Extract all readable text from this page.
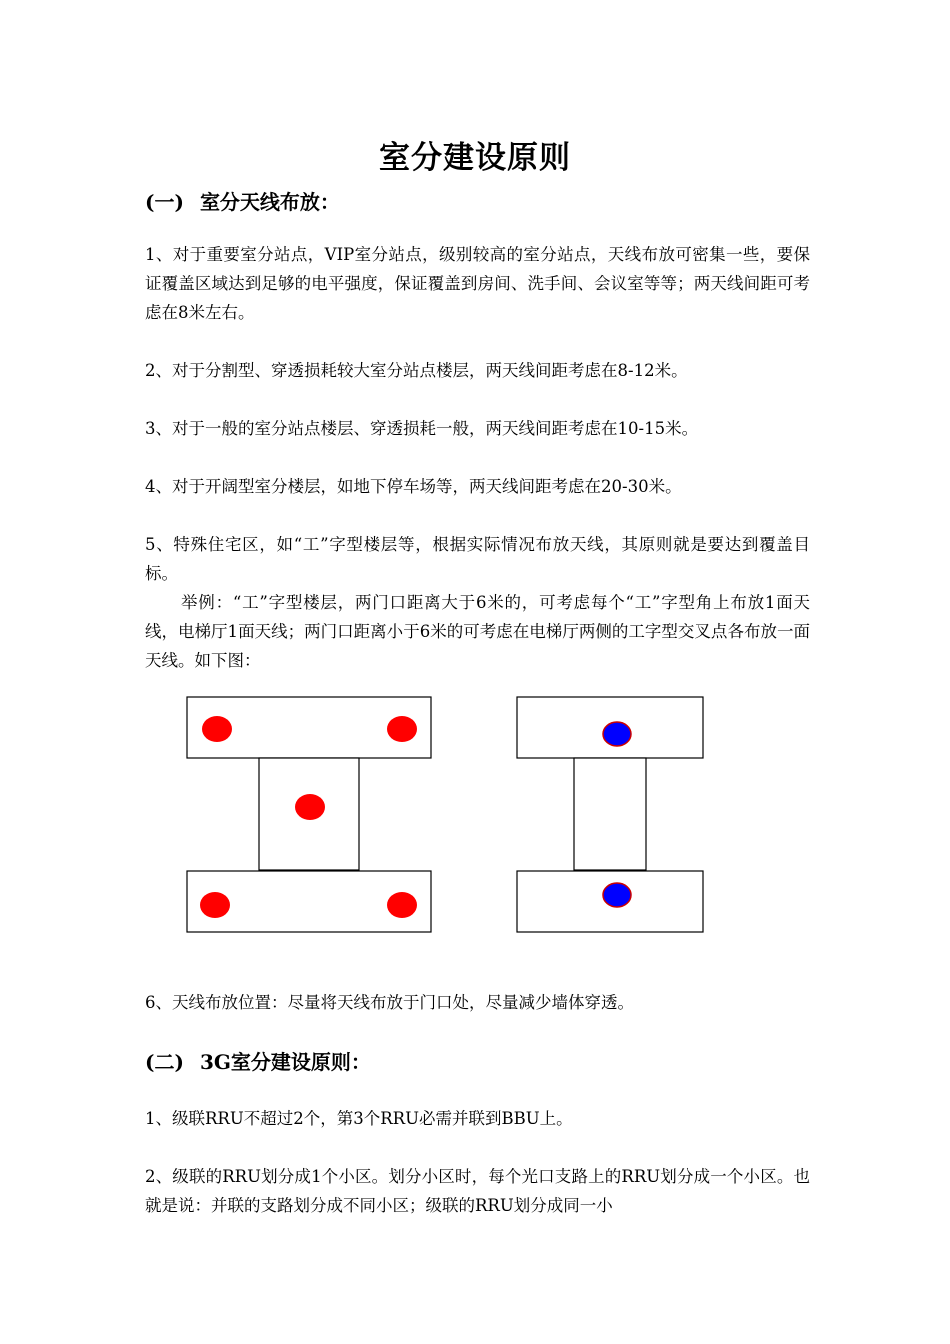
室分建设原则
(一) 室分天线布放：
1、对于重要室分站点，VIP室分站点，级别较高的室分站点，天线布放可密集一些，要保证覆盖区域达到足够的电平强度，保证覆盖到房间、洗手间、会议室等等；两天线间距可考虑在8米左右。
2、对于分割型、穿透损耗较大室分站点楼层，两天线间距考虑在8-12米。
3、对于一般的室分站点楼层、穿透损耗一般，两天线间距考虑在10-15米。
4、对于开阔型室分楼层，如地下停车场等，两天线间距考虑在20-30米。
5、特殊住宅区，如“工”字型楼层等，根据实际情况布放天线，其原则就是要达到覆盖目标。
举例：“工”字型楼层，两门口距离大于6米的，可考虑每个“工”字型角上布放1面天线，电梯厅1面天线；两门口距离小于6米的可考虑在电梯厅两侧的工字型交叉点各布放一面天线。如下图：
6、天线布放位置：尽量将天线布放于门口处，尽量减少墙体穿透。
(二) 3G室分建设原则：
1、级联RRU不超过2个，第3个RRU必需并联到BBU上。
2、级联的RRU划分成1个小区。划分小区时，每个光口支路上的RRU划分成一个小区。也就是说：并联的支路划分成不同小区；级联的RRU划分成同一小
